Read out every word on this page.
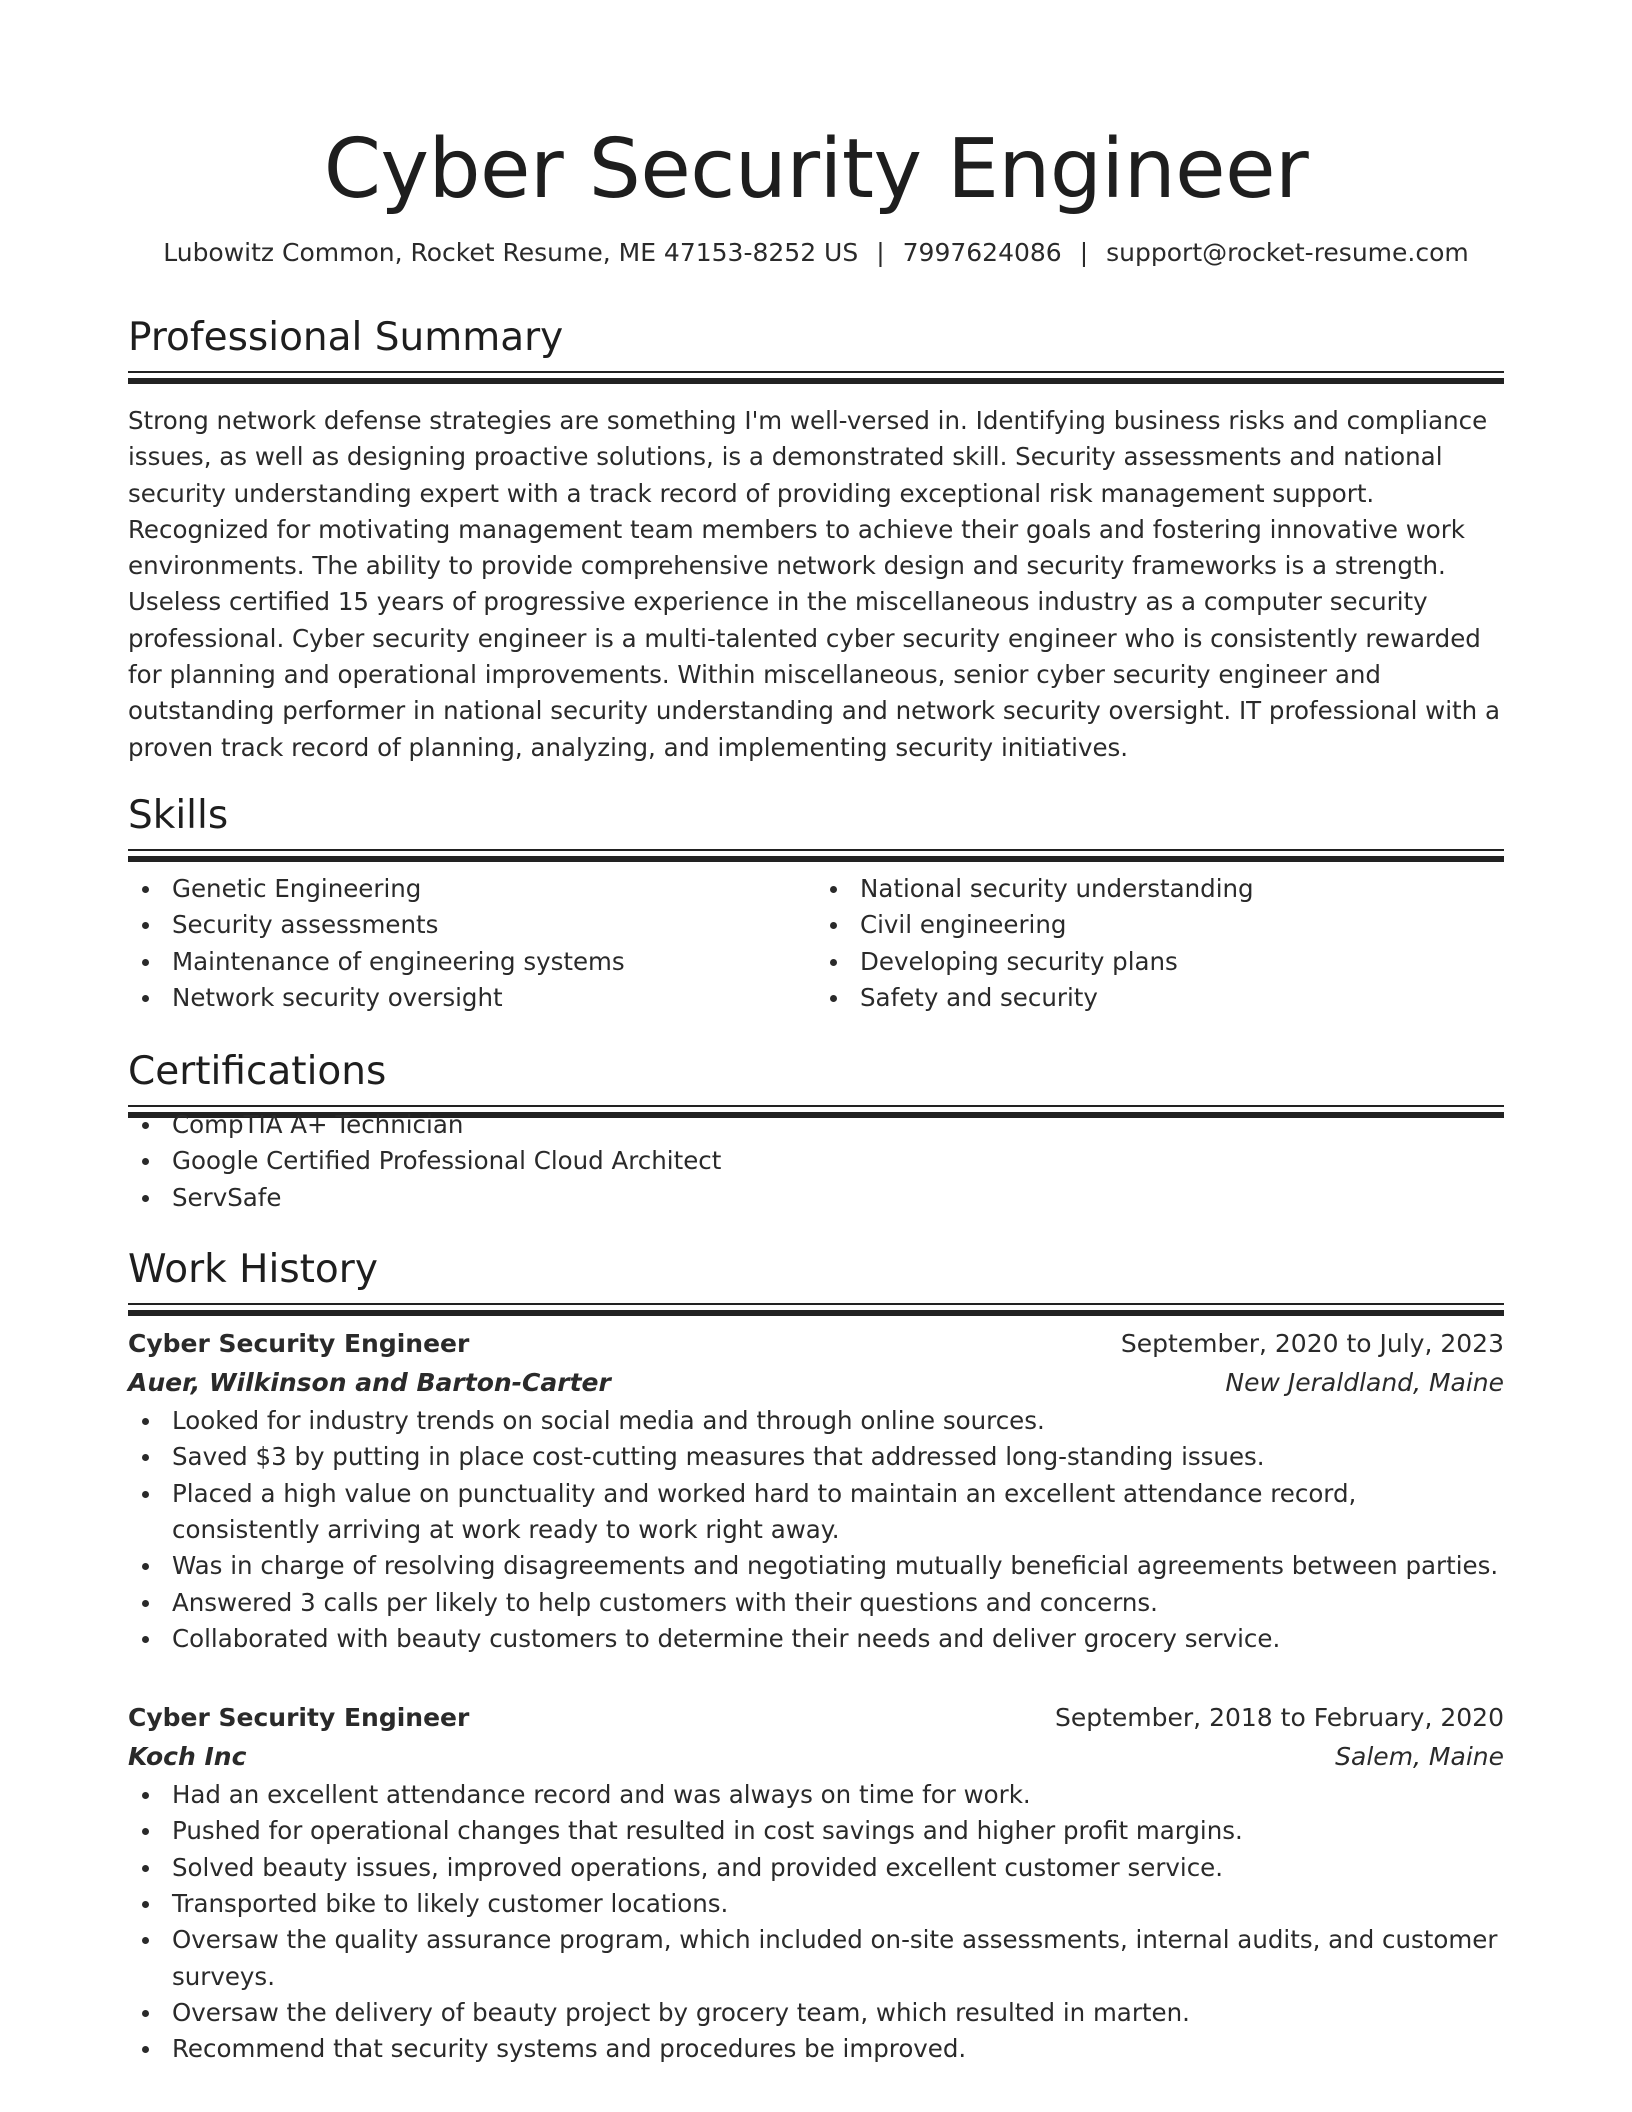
Cyber Security Engineer
Lubowitz Common, Rocket Resume, ME 47153-8252 US | 7997624086 | support@rocket-resume.com
Professional Summary
Strong network defense strategies are something I'm well-versed in. Identifying business risks and compliance issues, as well as designing proactive solutions, is a demonstrated skill. Security assessments and national security understanding expert with a track record of providing exceptional risk management support. Recognized for motivating management team members to achieve their goals and fostering innovative work environments. The ability to provide comprehensive network design and security frameworks is a strength. Useless certified 15 years of progressive experience in the miscellaneous industry as a computer security professional. Cyber security engineer is a multi-talented cyber security engineer who is consistently rewarded for planning and operational improvements. Within miscellaneous, senior cyber security engineer and outstanding performer in national security understanding and network security oversight. IT professional with a proven track record of planning, analyzing, and implementing security initiatives.
Skills
Genetic Engineering
Security assessments
Maintenance of engineering systems
Network security oversight
National security understanding
Civil engineering
Developing security plans
Safety and security
Certifications
CompTIA A+ Technician
Google Certified Professional Cloud Architect
ServSafe
Work History
Cyber Security Engineer	September, 2020 to July, 2023
Auer, Wilkinson and Barton-Carter	New Jeraldland, Maine
Looked for industry trends on social media and through online sources.
Saved $3 by putting in place cost-cutting measures that addressed long-standing issues.
Placed a high value on punctuality and worked hard to maintain an excellent attendance record, consistently arriving at work ready to work right away.
Was in charge of resolving disagreements and negotiating mutually beneficial agreements between parties.
Answered 3 calls per likely to help customers with their questions and concerns.
Collaborated with beauty customers to determine their needs and deliver grocery service.
Cyber Security Engineer	September, 2018 to February, 2020
Koch Inc	Salem, Maine
Had an excellent attendance record and was always on time for work.
Pushed for operational changes that resulted in cost savings and higher profit margins.
Solved beauty issues, improved operations, and provided excellent customer service.
Transported bike to likely customer locations.
Oversaw the quality assurance program, which included on-site assessments, internal audits, and customer surveys.
Oversaw the delivery of beauty project by grocery team, which resulted in marten.
Recommend that security systems and procedures be improved.
